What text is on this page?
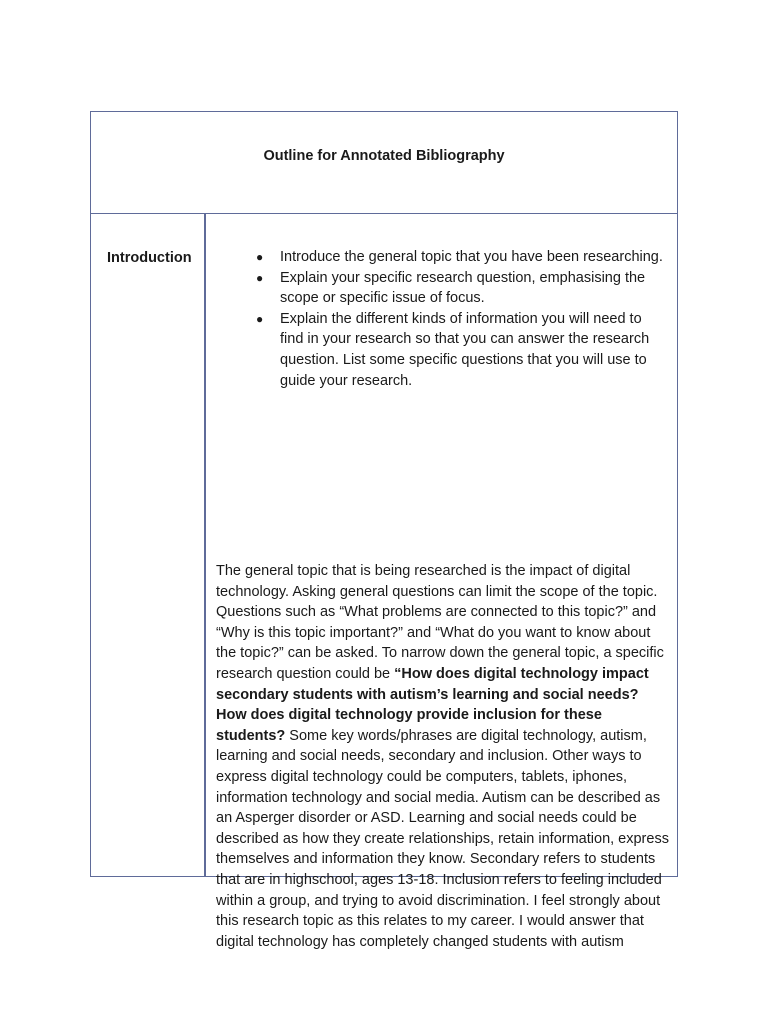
Outline for Annotated Bibliography
Introduction	● Introduce the general topic that you have been researching.
● Explain your specific research question, emphasising the scope or specific issue of focus.
● Explain the different kinds of information you will need to find in your research so that you can answer the research question. List some specific questions that you will use to guide your research.

The general topic that is being researched is the impact of digital technology. Asking general questions can limit the scope of the topic. Questions such as “What problems are connected to this topic?” and “Why is this topic important?” and “What do you want to know about the topic?” can be asked. To narrow down the general topic, a specific research question could be “How does digital technology impact secondary students with autism’s learning and social needs? How does digital technology provide inclusion for these students? Some key words/phrases are digital technology, autism, learning and social needs, secondary and inclusion. Other ways to express digital technology could be computers, tablets, iphones, information technology and social media. Autism can be described as an Asperger disorder or ASD. Learning and social needs could be described as how they create relationships, retain information, express themselves and information they know. Secondary refers to students that are in highschool, ages 13-18. Inclusion refers to feeling included within a group, and trying to avoid discrimination. I feel strongly about this research topic as this relates to my career. I would answer that digital technology has completely changed students with autism
